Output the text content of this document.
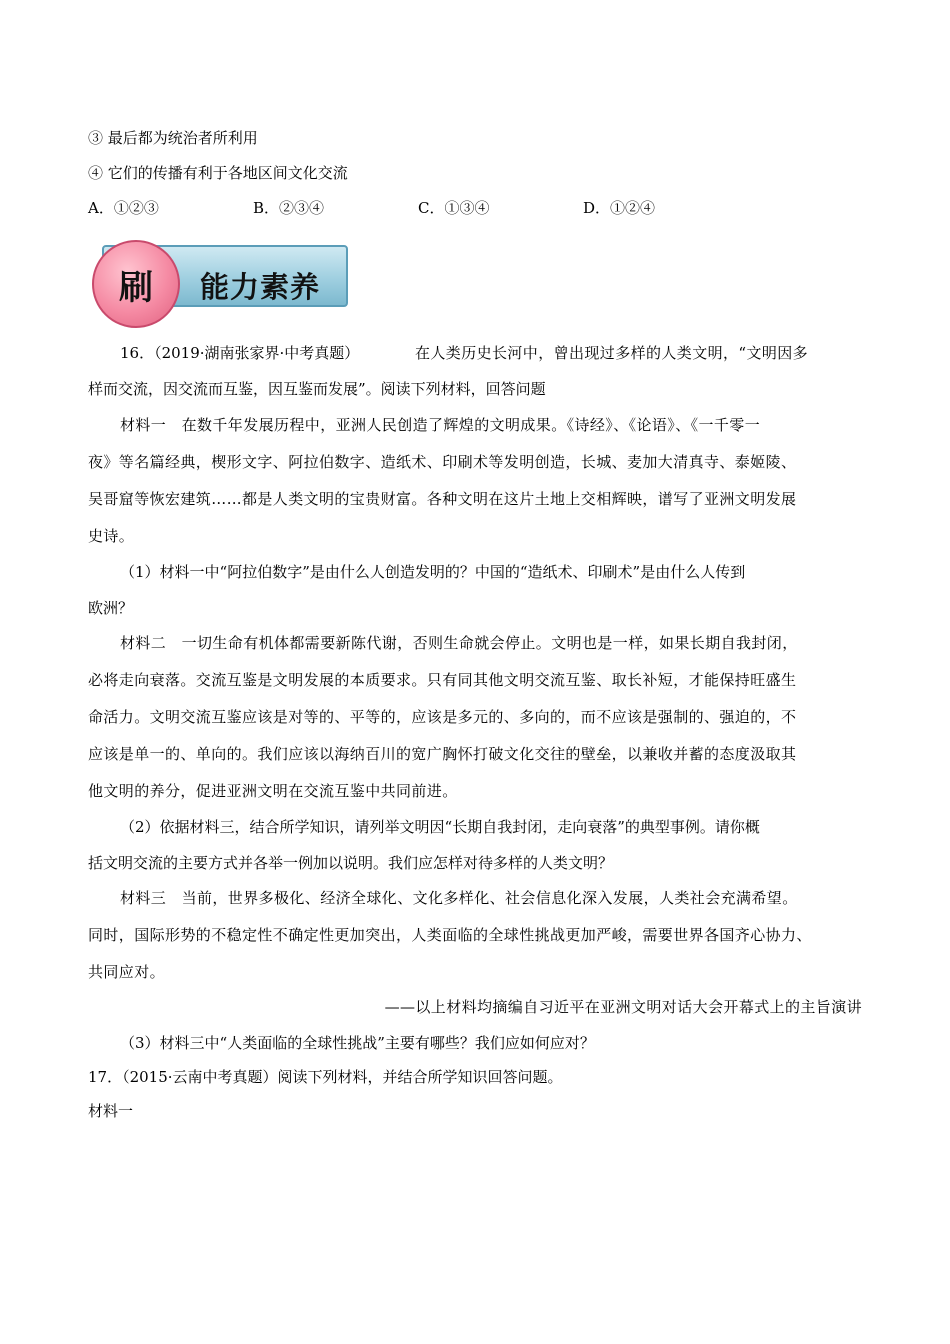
③ 最后都为统治者所利用
④ 它们的传播有利于各地区间文化交流
A．①②③	B．②③④	C．①③④	D．①②④
能力素养
刷
16．（2019·湖南张家界·中考真题）	在人类历史长河中，曾出现过多样的人类文明，“文明因多
样而交流，因交流而互鉴，因互鉴而发展”。阅读下列材料，回答问题
材料一　在数千年发展历程中，亚洲人民创造了辉煌的文明成果。《诗经》、《论语》、《一千零一
夜》等名篇经典，楔形文字、阿拉伯数字、造纸术、印刷术等发明创造，长城、麦加大清真寺、泰姬陵、
吴哥窟等恢宏建筑……都是人类文明的宝贵财富。各种文明在这片土地上交相辉映，谱写了亚洲文明发展
史诗。
（1）材料一中“阿拉伯数字”是由什么人创造发明的？中国的“造纸术、印刷术”是由什么人传到
欧洲？
材料二　一切生命有机体都需要新陈代谢，否则生命就会停止。文明也是一样，如果长期自我封闭，
必将走向衰落。交流互鉴是文明发展的本质要求。只有同其他文明交流互鉴、取长补短，才能保持旺盛生
命活力。文明交流互鉴应该是对等的、平等的，应该是多元的、多向的，而不应该是强制的、强迫的，不
应该是单一的、单向的。我们应该以海纳百川的宽广胸怀打破文化交往的壁垒，以兼收并蓄的态度汲取其
他文明的养分，促进亚洲文明在交流互鉴中共同前进。
（2）依据材料三，结合所学知识，请列举文明因“长期自我封闭，走向衰落”的典型事例。请你概
括文明交流的主要方式并各举一例加以说明。我们应怎样对待多样的人类文明？
材料三　当前，世界多极化、经济全球化、文化多样化、社会信息化深入发展，人类社会充满希望。
同时，国际形势的不稳定性不确定性更加突出，人类面临的全球性挑战更加严峻，需要世界各国齐心协力、
共同应对。
——以上材料均摘编自习近平在亚洲文明对话大会开幕式上的主旨演讲
（3）材料三中“人类面临的全球性挑战”主要有哪些？我们应如何应对？
17．（2015·云南中考真题）阅读下列材料，并结合所学知识回答问题。
材料一
